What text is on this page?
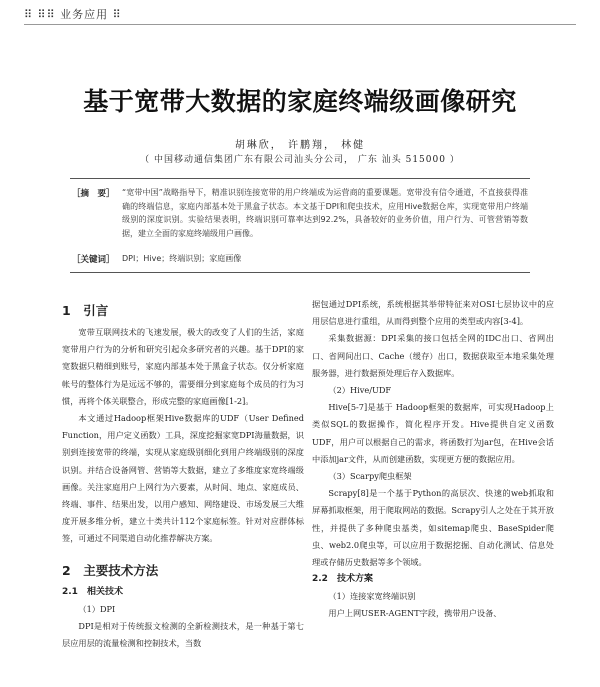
⠿ ⠿⠿ 业务应用 ⠿
基于宽带大数据的家庭终端级画像研究
胡琳欣， 许鹏翔， 林健
（ 中国移动通信集团广东有限公司汕头分公司， 广东 汕头 515000 ）
［摘　要］ “宽带中国”战略指导下，精准识别连接宽带的用户终端成为运营商的重要课题。宽带没有信令通道，不直接获得准确的终端信息，家庭内部基本处于黑盒子状态。本文基于DPI和爬虫技术，应用Hive数据仓库，实现宽带用户终端级别的深度识别。实验结果表明，终端识别可靠率达到92.2%，具备较好的业务价值，用户行为、可管营销等数据，建立全面的家庭终端级用户画像。
［关键词］ DPI；Hive；终端识别；家庭画像
1　引言

宽带互联网技术的飞速发展，极大的改变了人们的生活，家庭宽带用户行为的分析和研究引起众多研究者的兴趣。基于DPI的家宽数据只精细到账号，家庭内部基本处于黑盒子状态。仅分析家庭帐号的整体行为是远远不够的，需要细分到家庭每个成员的行为习惯，再将个体关联整合，形成完整的家庭画像[1-2]。

本文通过Hadoop框架Hive数据库的UDF（User Defined Function，用户定义函数）工具，深度挖掘家宽DPI海量数据，识别到连接宽带的终端，实现从家庭级别细化到用户终端级别的深度识别。并结合设备网管、营销等大数据，建立了多维度家宽终端级画像。关注家庭用户上网行为六要素，从时间、地点、家庭成员、终端、事件、结果出发，以用户感知、网络建设、市场发展三大维度开展多维分析，建立十类共计112个家庭标签。针对对应群体标签，可通过不同渠道自动化推荐解决方案。

2　主要技术方法
2.1　相关技术

（1）DPI

DPI是相对于传统报文检测的全新检测技术，是一种基于第七层应用层的流量检测和控制技术，当数

据包通过DPI系统，系统根据其举带特征来对OSI七层协议中的应用层信息进行重组，从而得到整个应用的类型或内容[3-4]。

采集数据源：DPI采集的接口包括全网的IDC出口、省网出口、省网间出口、Cache（缓存）出口，数据获取至本地采集处理服务器，进行数据预处理后存入数据库。

（2）Hive/UDF

Hive[5-7]是基于 Hadoop框架的数据库，可实现Hadoop上类似SQL的数据操作，简化程序开发。Hive提供自定义函数UDF，用户可以根据自己的需求，将函数打为jar包，在Hive会话中添加jar文件，从而创建函数，实现更方便的数据应用。

（3）Scarpy爬虫框架

Scrapy[8]是一个基于Python的高层次、快速的web抓取和屏幕抓取框架，用于爬取网站的数据。Scrapy引人之处在于其开放性，并提供了多种爬虫基类，如sitemap爬虫、BaseSpider爬虫、web2.0爬虫等，可以应用于数据挖掘、自动化测试、信息处理或存储历史数据等多个领域。

2.2　技术方案

（1）连接家宽终端识别

用户上网USER-AGENT字段，携带用户设备、
